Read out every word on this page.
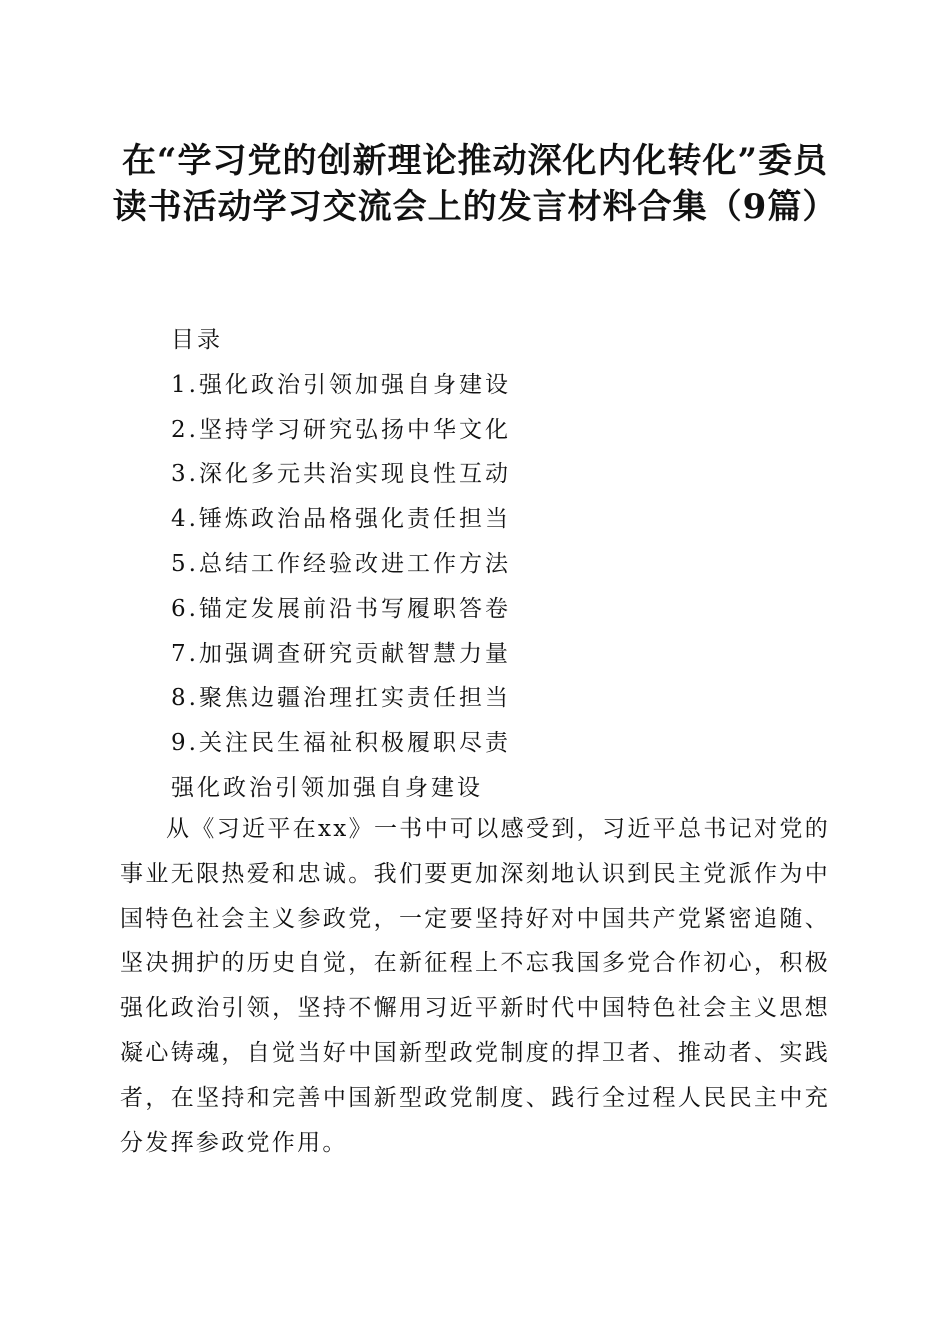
在“学习党的创新理论推动深化内化转化”委员读书活动学习交流会上的发言材料合集（9篇）
目录
1.强化政治引领加强自身建设
2.坚持学习研究弘扬中华文化
3.深化多元共治实现良性互动
4.锤炼政治品格强化责任担当
5.总结工作经验改进工作方法
6.锚定发展前沿书写履职答卷
7.加强调查研究贡献智慧力量
8.聚焦边疆治理扛实责任担当
9.关注民生福祉积极履职尽责
强化政治引领加强自身建设

从《习近平在xx》一书中可以感受到，习近平总书记对党的事业无限热爱和忠诚。我们要更加深刻地认识到民主党派作为中国特色社会主义参政党，一定要坚持好对中国共产党紧密追随、坚决拥护的历史自觉，在新征程上不忘我国多党合作初心，积极强化政治引领，坚持不懈用习近平新时代中国特色社会主义思想凝心铸魂，自觉当好中国新型政党制度的捍卫者、推动者、实践者，在坚持和完善中国新型政党制度、践行全过程人民民主中充分发挥参政党作用。
